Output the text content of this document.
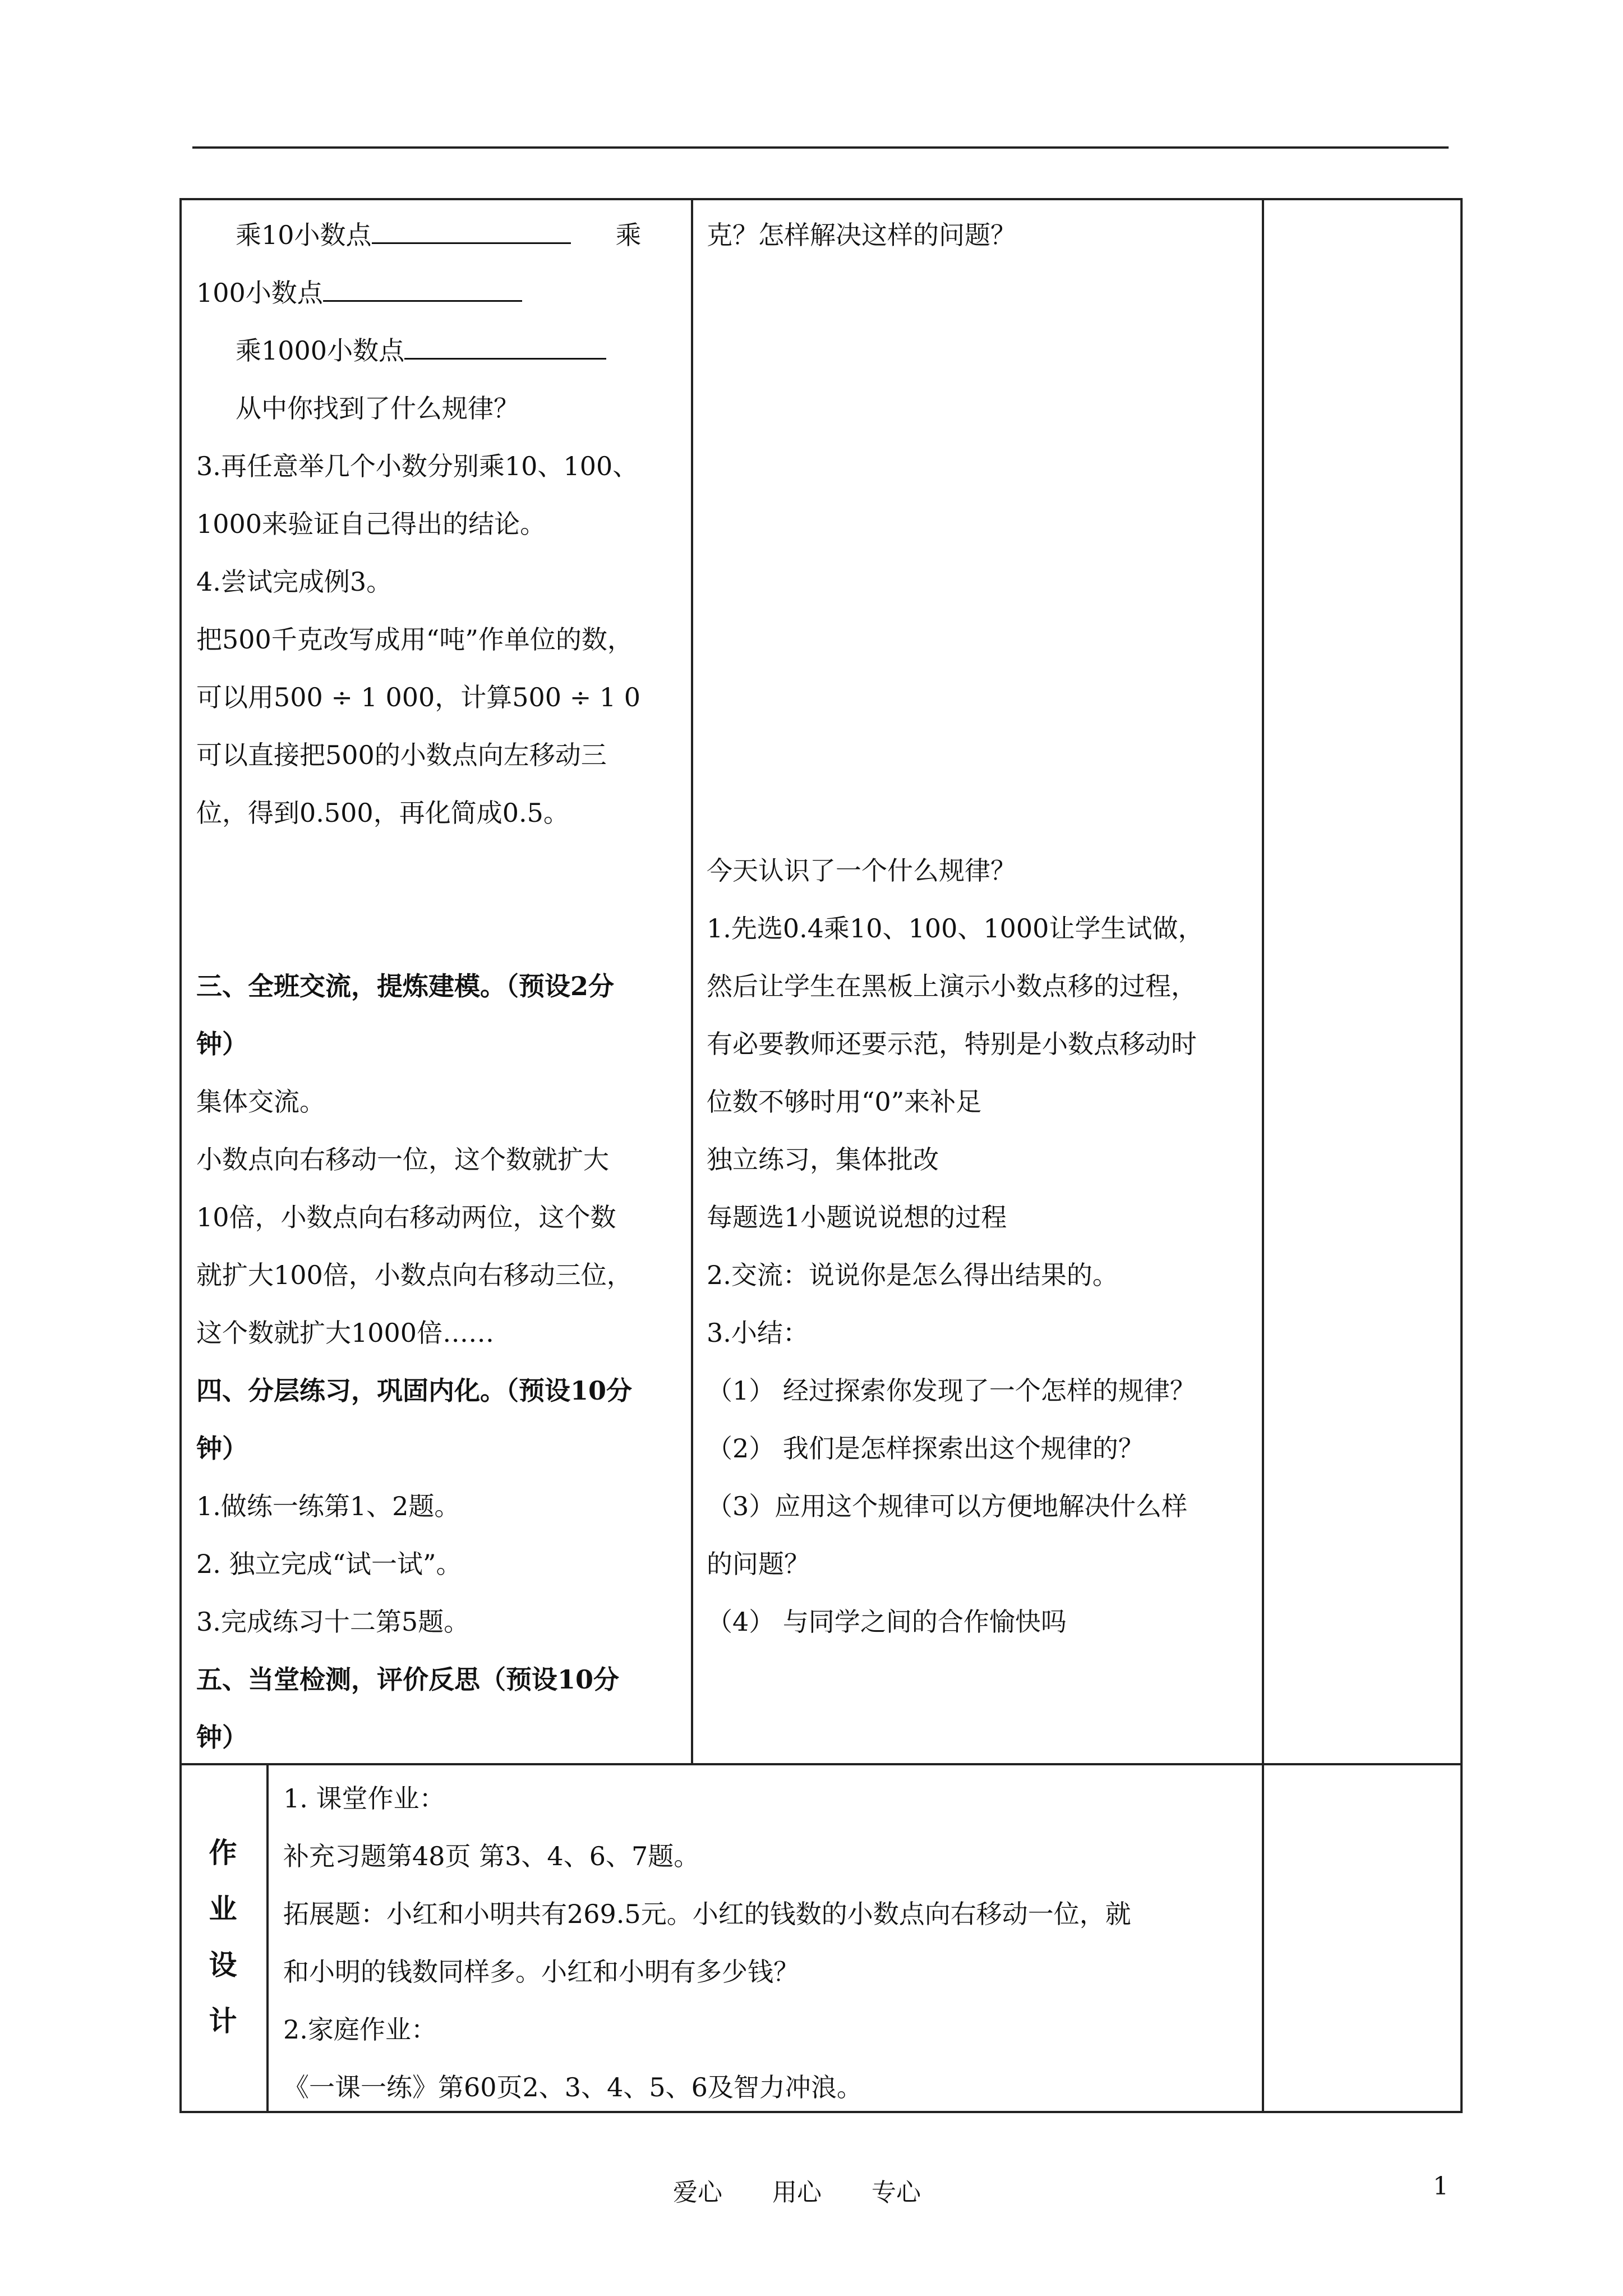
乘10小数点	乘
100小数点
乘1000小数点
从中你找到了什么规律？
3.再任意举几个小数分别乘10、100、
1000来验证自己得出的结论。
4.尝试完成例3。
把500千克改写成用“吨”作单位的数，
可以用500 ÷ 1 000，计算500 ÷ 1 0
可以直接把500的小数点向左移动三
位，得到0.500，再化简成0.5。
三、全班交流，提炼建模。（预设2分
钟）
集体交流。
小数点向右移动一位，这个数就扩大
10倍，小数点向右移动两位，这个数
就扩大100倍，小数点向右移动三位，
这个数就扩大1000倍……
四、分层练习，巩固内化。（预设10分
钟）
1.做练一练第1、2题。
2. 独立完成“试一试”。
3.完成练习十二第5题。
五、当堂检测，评价反思（预设10分
钟）
克？怎样解决这样的问题？
今天认识了一个什么规律？
1.先选0.4乘10、100、1000让学生试做，
然后让学生在黑板上演示小数点移的过程，
有必要教师还要示范，特别是小数点移动时
位数不够时用“0”来补足
独立练习，集体批改
每题选1小题说说想的过程
2.交流：说说你是怎么得出结果的。
3.小结：
（1） 经过探索你发现了一个怎样的规律？
（2） 我们是怎样探索出这个规律的？
（3）应用这个规律可以方便地解决什么样
的问题？
（4） 与同学之间的合作愉快吗
作
业
设
计
1. 课堂作业：
补充习题第48页 第3、4、6、7题。
拓展题：小红和小明共有269.5元。小红的钱数的小数点向右移动一位，就
和小明的钱数同样多。小红和小明有多少钱？
2.家庭作业：
《一课一练》第60页2、3、4、5、6及智力冲浪。
爱心 用心 专心	1
